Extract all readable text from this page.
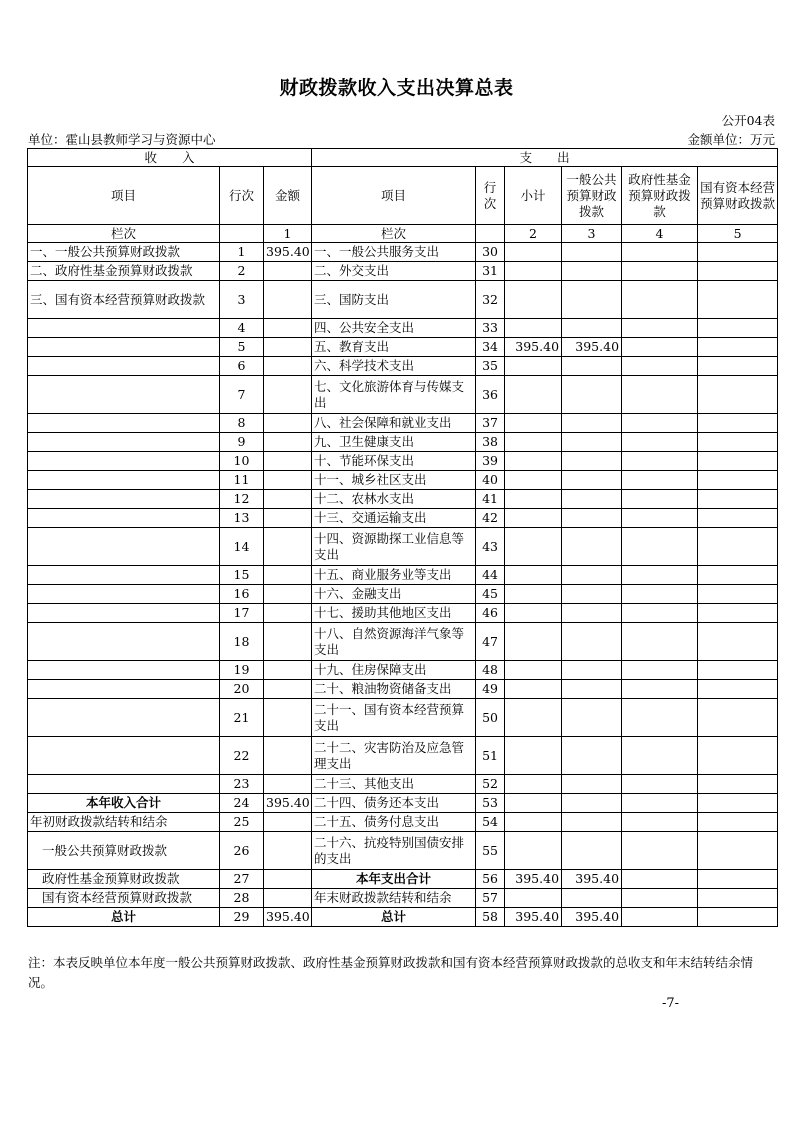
财政拨款收入支出决算总表
公开04表
单位：霍山县教师学习与资源中心	金额单位：万元
收　　入			支　　出					
项目	行次	金额	项目	行次	小计	一般公共预算财政拨款	政府性基金预算财政拨款	国有资本经营预算财政拨款
栏次		1	栏次		2	3	4	5
一、一般公共预算财政拨款	1	395.40	一、一般公共服务支出	30				
二、政府性基金预算财政拨款	2		二、外交支出	31				
三、国有资本经营预算财政拨款	3		三、国防支出	32				
	4		四、公共安全支出	33				
	5		五、教育支出	34	395.40	395.40		
	6		六、科学技术支出	35				
	7		七、文化旅游体育与传媒支出	36				
	8		八、社会保障和就业支出	37				
	9		九、卫生健康支出	38				
	10		十、节能环保支出	39				
	11		十一、城乡社区支出	40				
	12		十二、农林水支出	41				
	13		十三、交通运输支出	42				
	14		十四、资源勘探工业信息等支出	43				
	15		十五、商业服务业等支出	44				
	16		十六、金融支出	45				
	17		十七、援助其他地区支出	46				
	18		十八、自然资源海洋气象等支出	47				
	19		十九、住房保障支出	48				
	20		二十、粮油物资储备支出	49				
	21		二十一、国有资本经营预算支出	50				
	22		二十二、灾害防治及应急管理支出	51				
	23		二十三、其他支出	52				
本年收入合计	24	395.40	二十四、债务还本支出	53				
年初财政拨款结转和结余	25		二十五、债务付息支出	54				
一般公共预算财政拨款	26		二十六、抗疫特别国债安排的支出	55				
政府性基金预算财政拨款	27		本年支出合计	56	395.40	395.40		
国有资本经营预算财政拨款	28		年末财政拨款结转和结余	57				
总计	29	395.40	总计	58	395.40	395.40		
注：本表反映单位本年度一般公共预算财政拨款、政府性基金预算财政拨款和国有资本经营预算财政拨款的总收支和年末结转结余情况。
-7-
